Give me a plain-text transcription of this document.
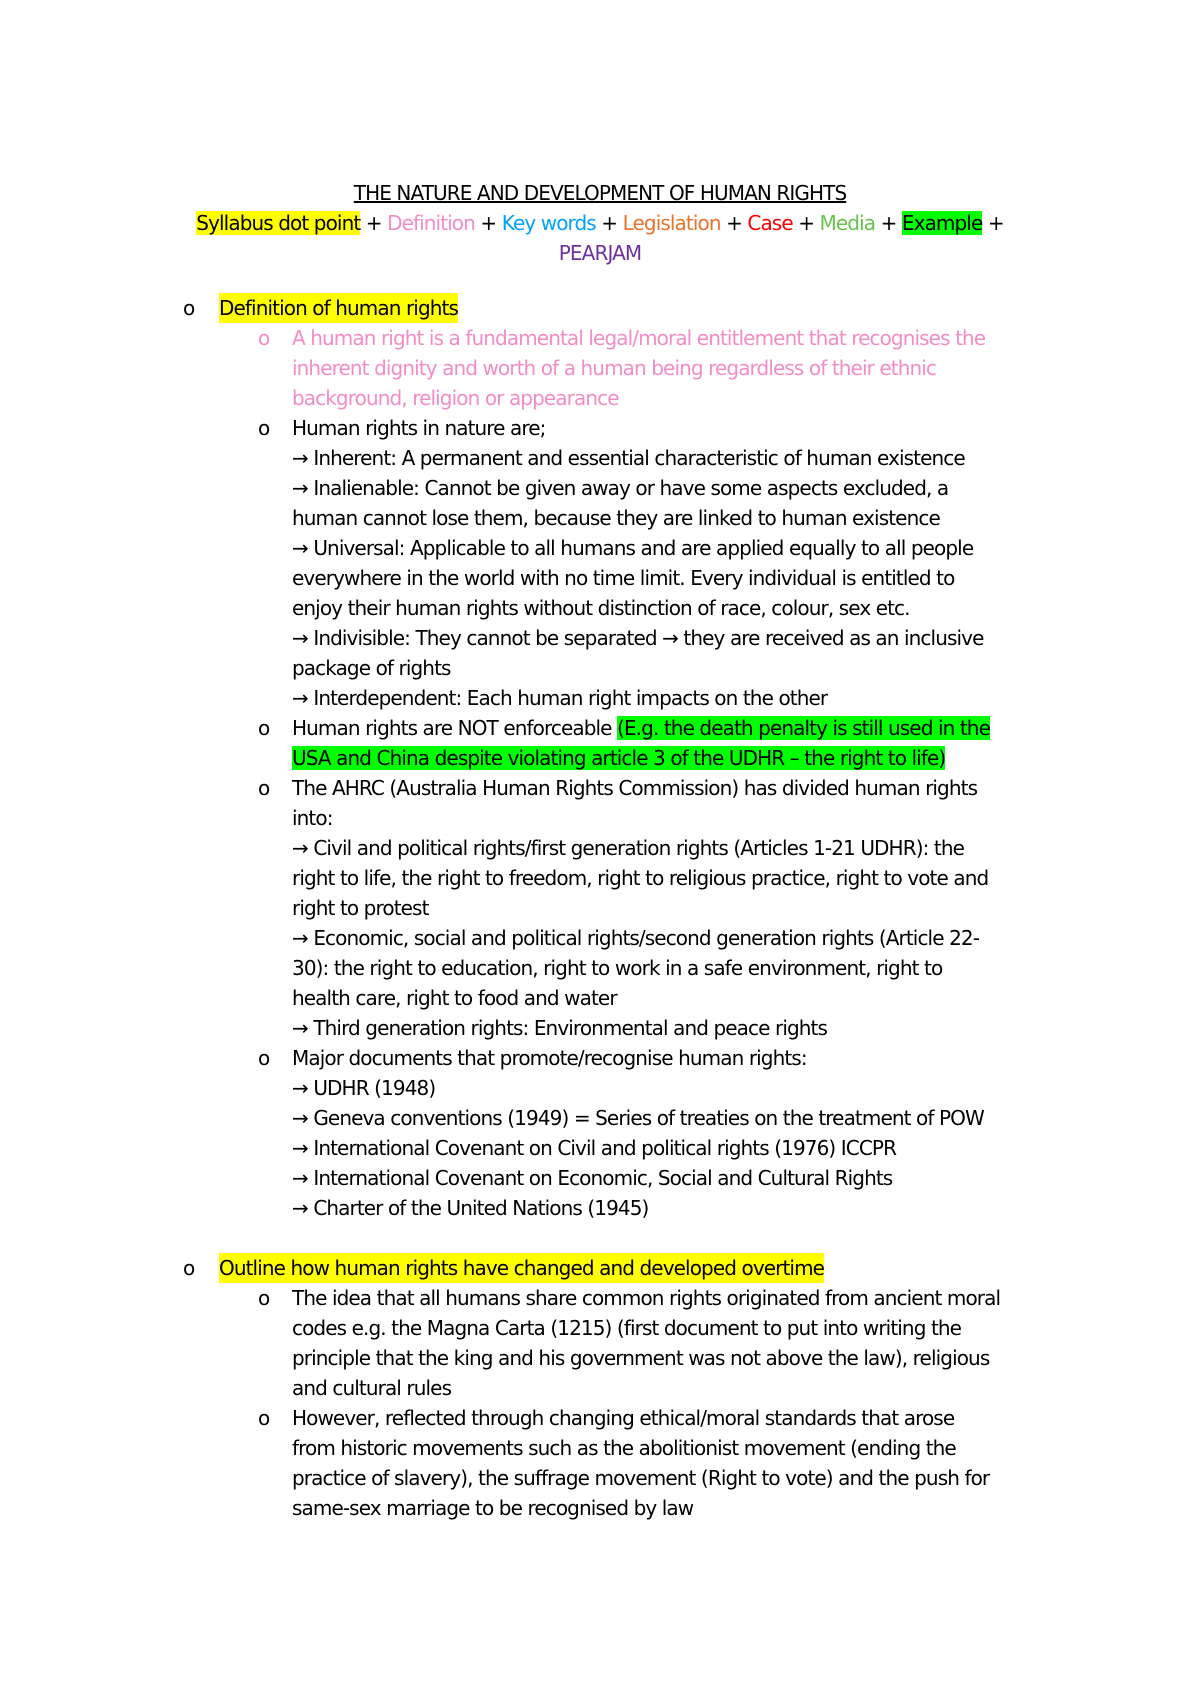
THE NATURE AND DEVELOPMENT OF HUMAN RIGHTS
Syllabus dot point + Definition + Key words + Legislation + Case + Media + Example +
PEARJAM
o Definition of human rights
o A human right is a fundamental legal/moral entitlement that recognises the
inherent dignity and worth of a human being regardless of their ethnic
background, religion or appearance
o Human rights in nature are;
→ Inherent: A permanent and essential characteristic of human existence
→ Inalienable: Cannot be given away or have some aspects excluded, a
human cannot lose them, because they are linked to human existence
→ Universal: Applicable to all humans and are applied equally to all people
everywhere in the world with no time limit. Every individual is entitled to
enjoy their human rights without distinction of race, colour, sex etc.
→ Indivisible: They cannot be separated → they are received as an inclusive
package of rights
→ Interdependent: Each human right impacts on the other
o Human rights are NOT enforceable (E.g. the death penalty is still used in the
USA and China despite violating article 3 of the UDHR – the right to life)
o The AHRC (Australia Human Rights Commission) has divided human rights
into:
→ Civil and political rights/first generation rights (Articles 1-21 UDHR): the
right to life, the right to freedom, right to religious practice, right to vote and
right to protest
→ Economic, social and political rights/second generation rights (Article 22-
30): the right to education, right to work in a safe environment, right to
health care, right to food and water
→ Third generation rights: Environmental and peace rights
o Major documents that promote/recognise human rights:
→ UDHR (1948)
→ Geneva conventions (1949) = Series of treaties on the treatment of POW
→ International Covenant on Civil and political rights (1976) ICCPR
→ International Covenant on Economic, Social and Cultural Rights
→ Charter of the United Nations (1945)
o Outline how human rights have changed and developed overtime
o The idea that all humans share common rights originated from ancient moral
codes e.g. the Magna Carta (1215) (first document to put into writing the
principle that the king and his government was not above the law), religious
and cultural rules
o However, reflected through changing ethical/moral standards that arose
from historic movements such as the abolitionist movement (ending the
practice of slavery), the suffrage movement (Right to vote) and the push for
same-sex marriage to be recognised by law
